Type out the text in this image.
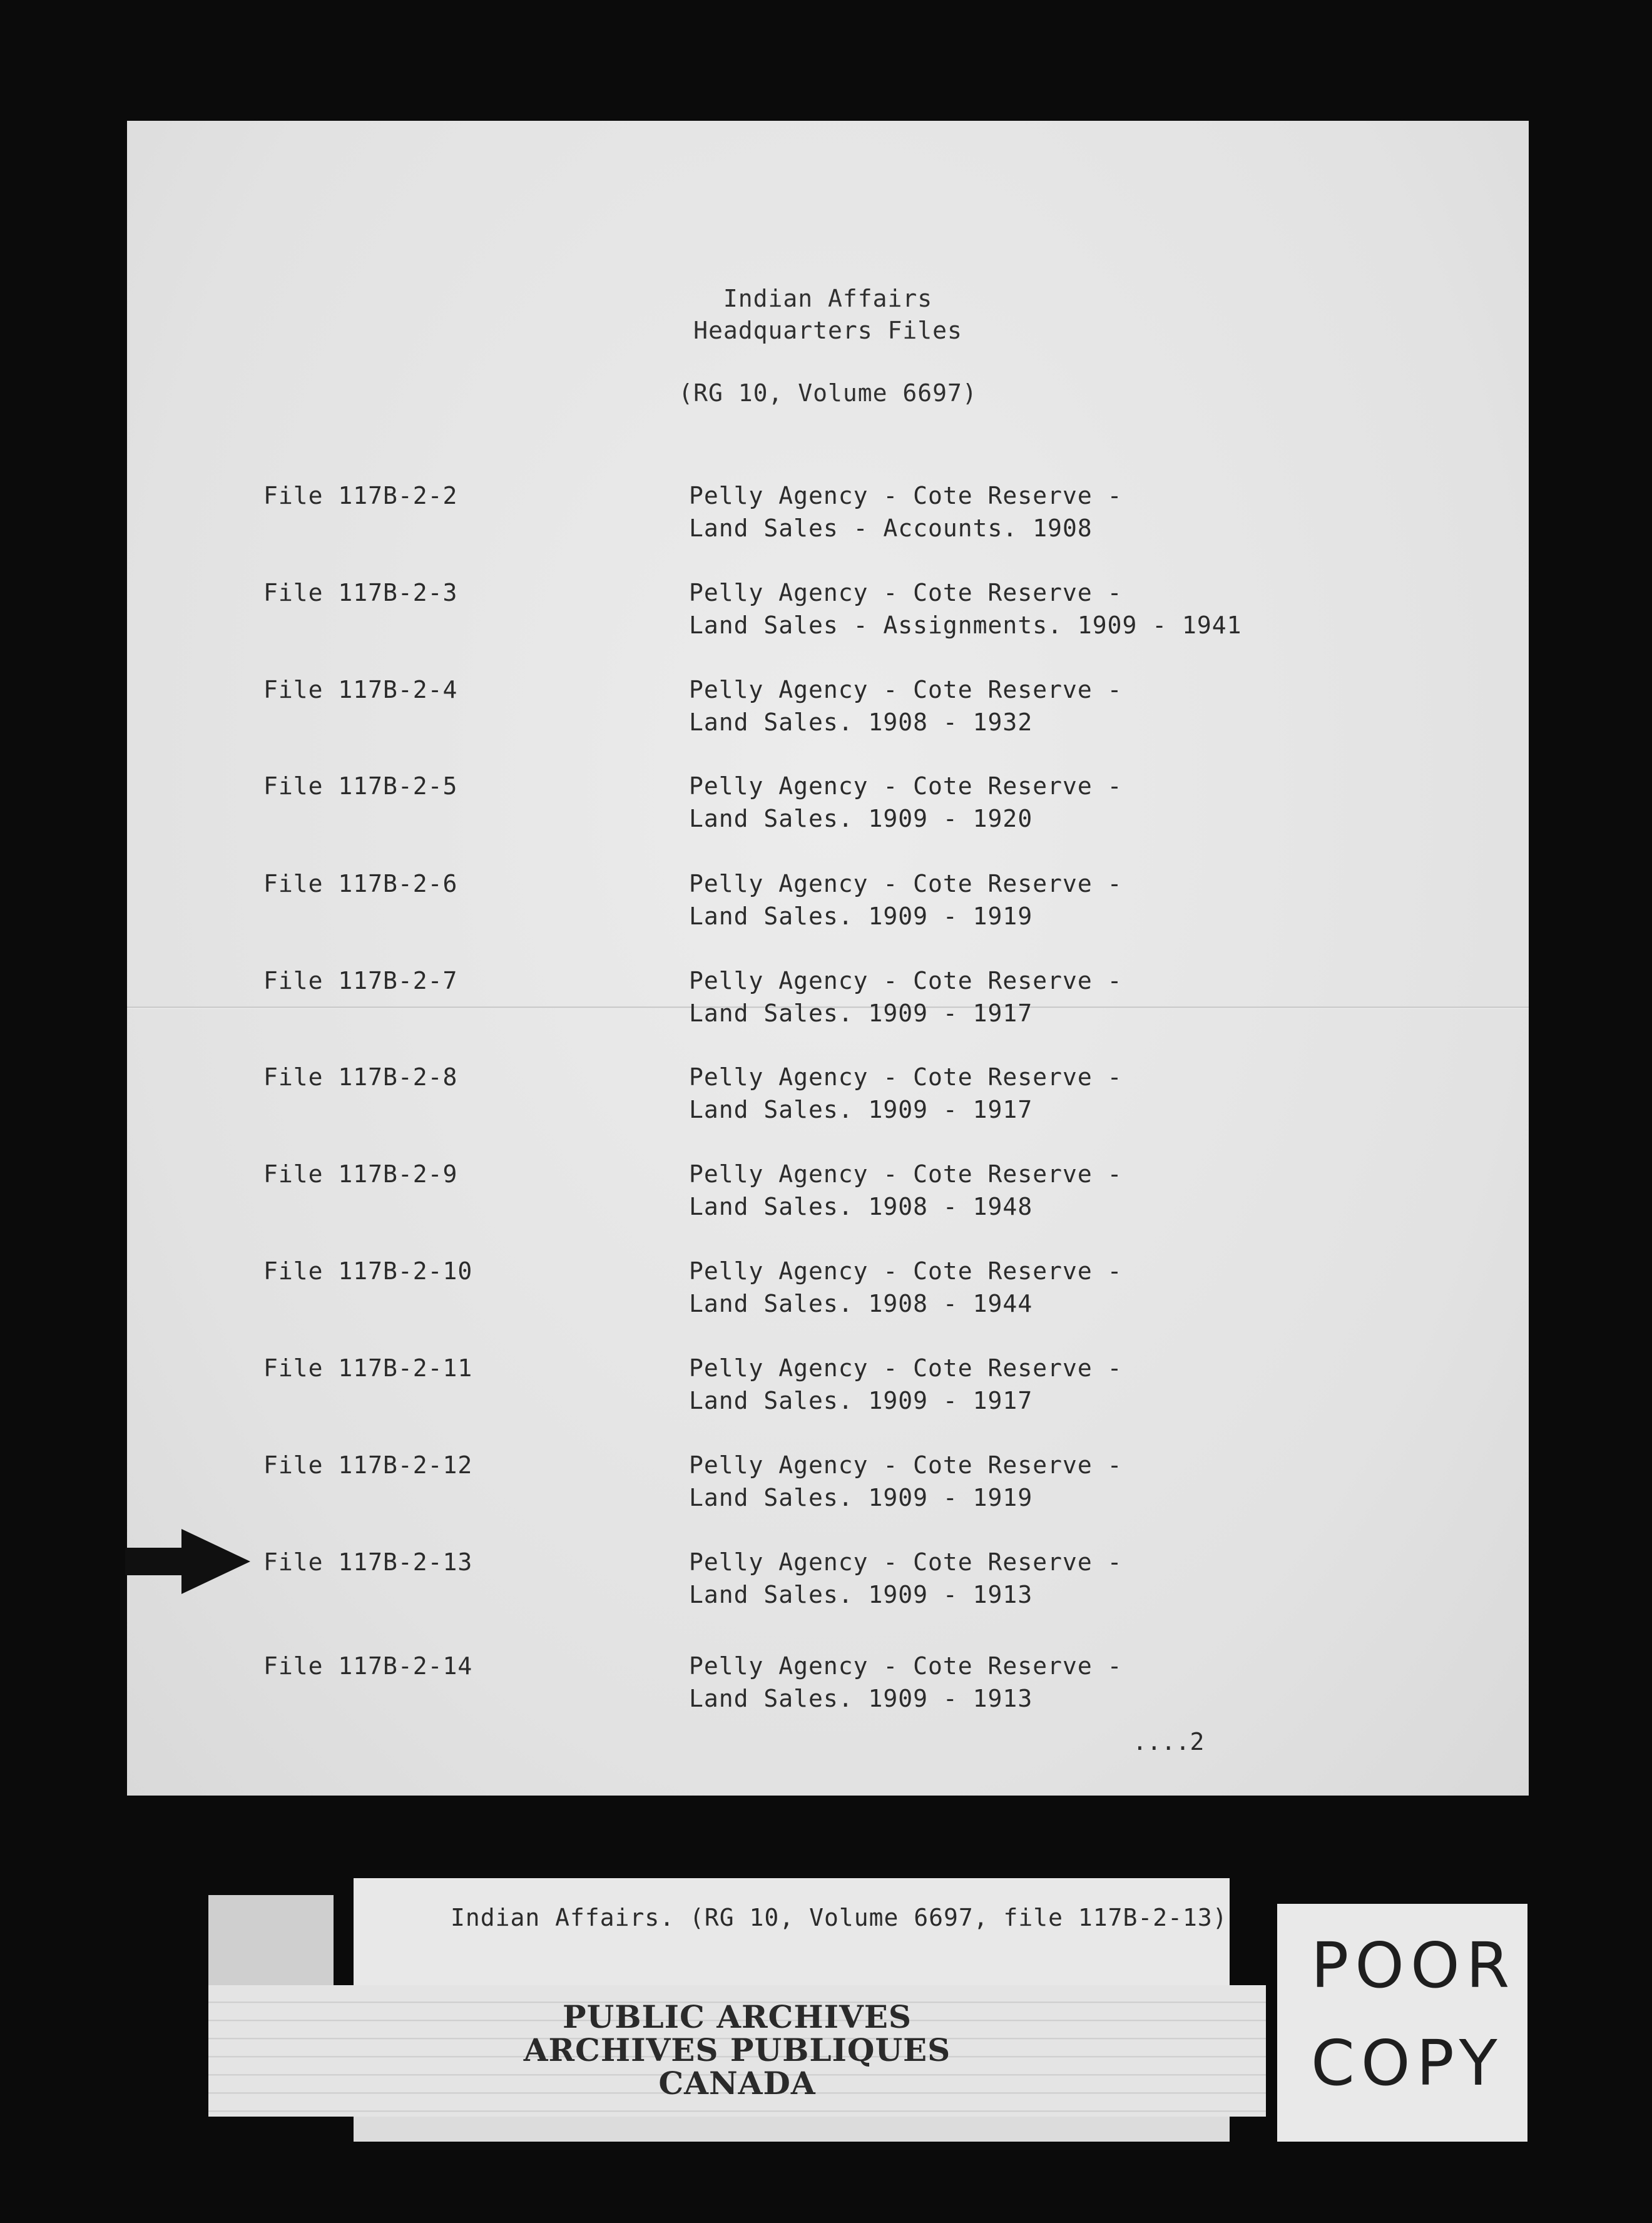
Indian Affairs
Headquarters Files
(RG 10, Volume 6697)
File 117B-2-2	Pelly Agency - Cote Reserve -
Land Sales - Accounts. 1908
File 117B-2-3	Pelly Agency - Cote Reserve -
Land Sales - Assignments. 1909 - 1941
File 117B-2-4	Pelly Agency - Cote Reserve -
Land Sales. 1908 - 1932
File 117B-2-5	Pelly Agency - Cote Reserve -
Land Sales. 1909 - 1920
File 117B-2-6	Pelly Agency - Cote Reserve -
Land Sales. 1909 - 1919
File 117B-2-7	Pelly Agency - Cote Reserve -
Land Sales. 1909 - 1917
File 117B-2-8	Pelly Agency - Cote Reserve -
Land Sales. 1909 - 1917
File 117B-2-9	Pelly Agency - Cote Reserve -
Land Sales. 1908 - 1948
File 117B-2-10	Pelly Agency - Cote Reserve -
Land Sales. 1908 - 1944
File 117B-2-11	Pelly Agency - Cote Reserve -
Land Sales. 1909 - 1917
File 117B-2-12	Pelly Agency - Cote Reserve -
Land Sales. 1909 - 1919
File 117B-2-13	Pelly Agency - Cote Reserve -
Land Sales. 1909 - 1913
File 117B-2-14	Pelly Agency - Cote Reserve -
Land Sales. 1909 - 1913
....2
Indian Affairs. (RG 10, Volume 6697, file 117B-2-13)
PUBLIC ARCHIVES
ARCHIVES PUBLIQUES
CANADA
POOR
COPY
